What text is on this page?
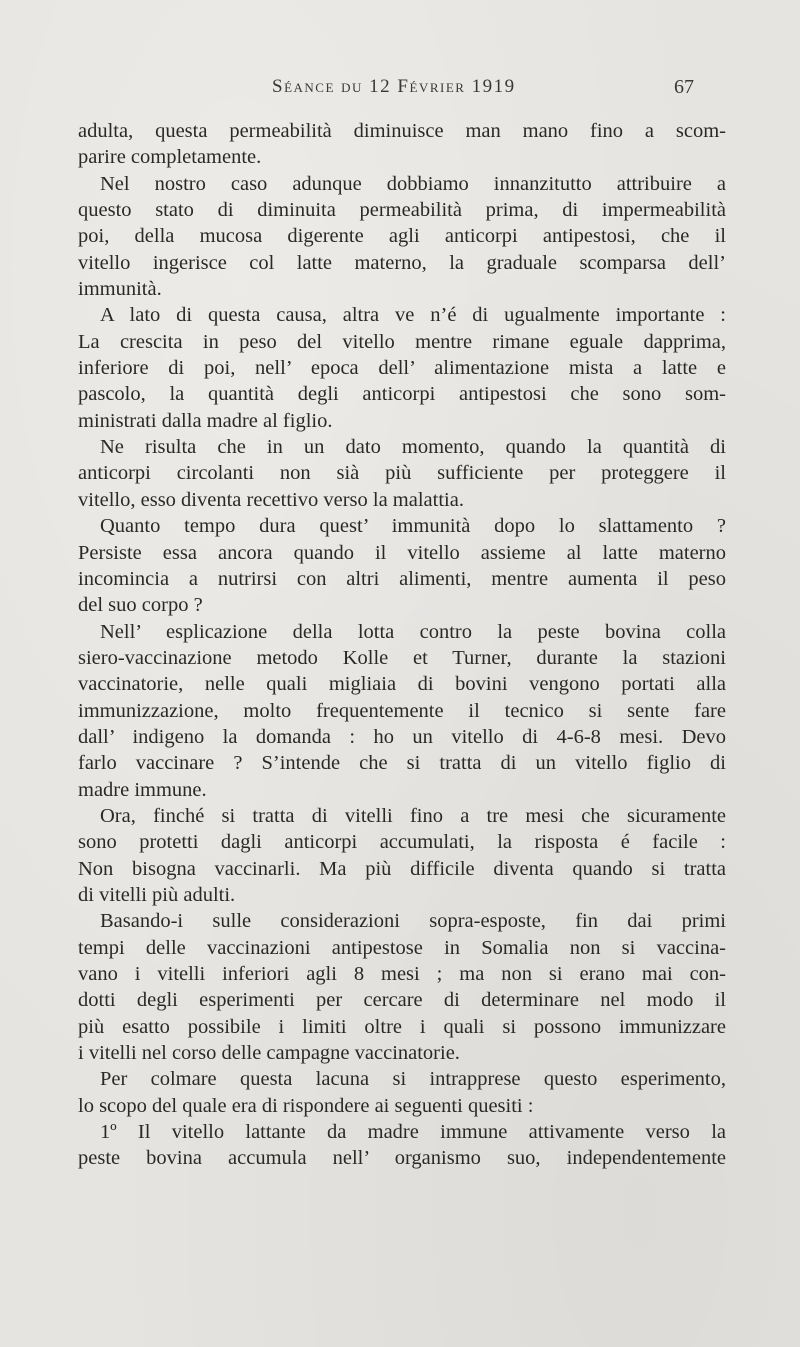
Séance du 12 Février 1919	67
adulta, questa permeabilità diminuisce man mano fino a scom-
parire completamente.
Nel nostro caso adunque dobbiamo innanzitutto attribuire a
questo stato di diminuita permeabilità prima, di impermeabilità
poi, della mucosa digerente agli anticorpi antipestosi, che il
vitello ingerisce col latte materno, la graduale scomparsa dell’
immunità.
A lato di questa causa, altra ve n’é di ugualmente importante :
La crescita in peso del vitello mentre rimane eguale dapprima,
inferiore di poi, nell’ epoca dell’ alimentazione mista a latte e
pascolo, la quantità degli anticorpi antipestosi che sono som-
ministrati dalla madre al figlio.
Ne risulta che in un dato momento, quando la quantità di
anticorpi circolanti non sià più sufficiente per proteggere il
vitello, esso diventa recettivo verso la malattia.
Quanto tempo dura quest’ immunità dopo lo slattamento ?
Persiste essa ancora quando il vitello assieme al latte materno
incomincia a nutrirsi con altri alimenti, mentre aumenta il peso
del suo corpo ?
Nell’ esplicazione della lotta contro la peste bovina colla
siero-vaccinazione metodo Kolle et Turner, durante la stazioni
vaccinatorie, nelle quali migliaia di bovini vengono portati alla
immunizzazione, molto frequentemente il tecnico si sente fare
dall’ indigeno la domanda : ho un vitello di 4-6-8 mesi. Devo
farlo vaccinare ? S’intende che si tratta di un vitello figlio di
madre immune.
Ora, finché si tratta di vitelli fino a tre mesi che sicuramente
sono protetti dagli anticorpi accumulati, la risposta é facile :
Non bisogna vaccinarli. Ma più difficile diventa quando si tratta
di vitelli più adulti.
Basando-i sulle considerazioni sopra-esposte, fin dai primi
tempi delle vaccinazioni antipestose in Somalia non si vaccina-
vano i vitelli inferiori agli 8 mesi ; ma non si erano mai con-
dotti degli esperimenti per cercare di determinare nel modo il
più esatto possibile i limiti oltre i quali si possono immunizzare
i vitelli nel corso delle campagne vaccinatorie.
Per colmare questa lacuna si intrapprese questo esperimento,
lo scopo del quale era di rispondere ai seguenti quesiti :
1º Il vitello lattante da madre immune attivamente verso la
peste bovina accumula nell’ organismo suo, independentemente
